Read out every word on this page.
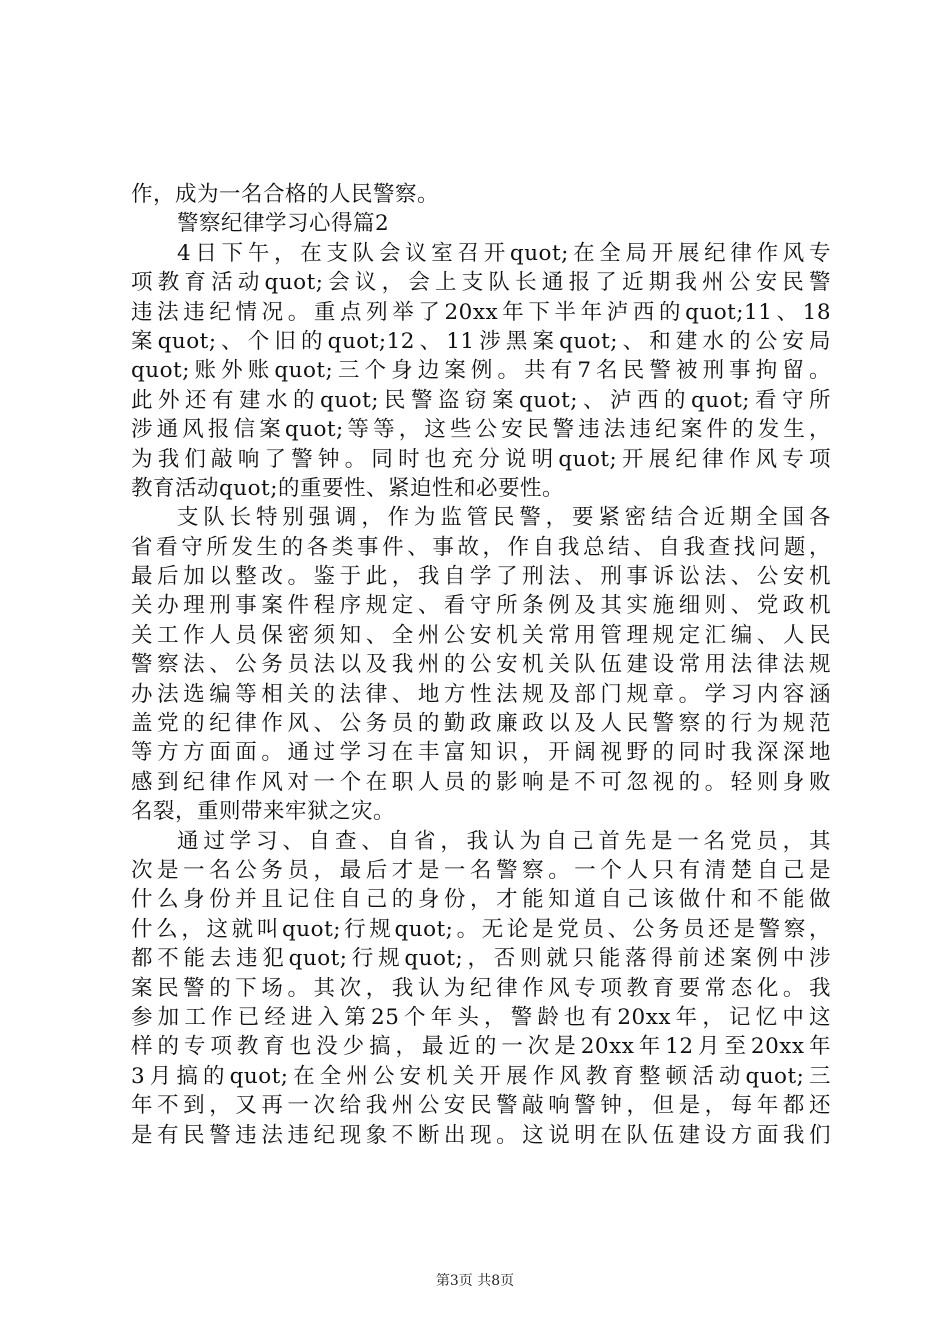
作，成为一名合格的人民警察。
警察纪律学习心得篇2
4日下午，在支队会议室召开quot;在全局开展纪律作风专
项教育活动quot;会议，会上支队长通报了近期我州公安民警
违法违纪情况。重点列举了20xx年下半年泸西的quot;11、18
案quot;、个旧的quot;12、11涉黑案quot;、和建水的公安局
quot;账外账quot;三个身边案例。共有7名民警被刑事拘留。
此外还有建水的quot;民警盗窃案quot;、泸西的quot;看守所
涉通风报信案quot;等等，这些公安民警违法违纪案件的发生，
为我们敲响了警钟。同时也充分说明quot;开展纪律作风专项
教育活动quot;的重要性、紧迫性和必要性。
支队长特别强调，作为监管民警，要紧密结合近期全国各
省看守所发生的各类事件、事故，作自我总结、自我查找问题，
最后加以整改。鉴于此，我自学了刑法、刑事诉讼法、公安机
关办理刑事案件程序规定、看守所条例及其实施细则、党政机
关工作人员保密须知、全州公安机关常用管理规定汇编、人民
警察法、公务员法以及我州的公安机关队伍建设常用法律法规
办法选编等相关的法律、地方性法规及部门规章。学习内容涵
盖党的纪律作风、公务员的勤政廉政以及人民警察的行为规范
等方方面面。通过学习在丰富知识，开阔视野的同时我深深地
感到纪律作风对一个在职人员的影响是不可忽视的。轻则身败
名裂，重则带来牢狱之灾。
通过学习、自查、自省，我认为自己首先是一名党员，其
次是一名公务员，最后才是一名警察。一个人只有清楚自己是
什么身份并且记住自己的身份，才能知道自己该做什和不能做
什么，这就叫quot;行规quot;。无论是党员、公务员还是警察，
都不能去违犯quot;行规quot;，否则就只能落得前述案例中涉
案民警的下场。其次，我认为纪律作风专项教育要常态化。我
参加工作已经进入第25个年头，警龄也有20xx年，记忆中这
样的专项教育也没少搞，最近的一次是20xx年12月至20xx年
3月搞的quot;在全州公安机关开展作风教育整顿活动quot;三
年不到，又再一次给我州公安民警敲响警钟，但是，每年都还
是有民警违法违纪现象不断出现。这说明在队伍建设方面我们
第3页 共8页
